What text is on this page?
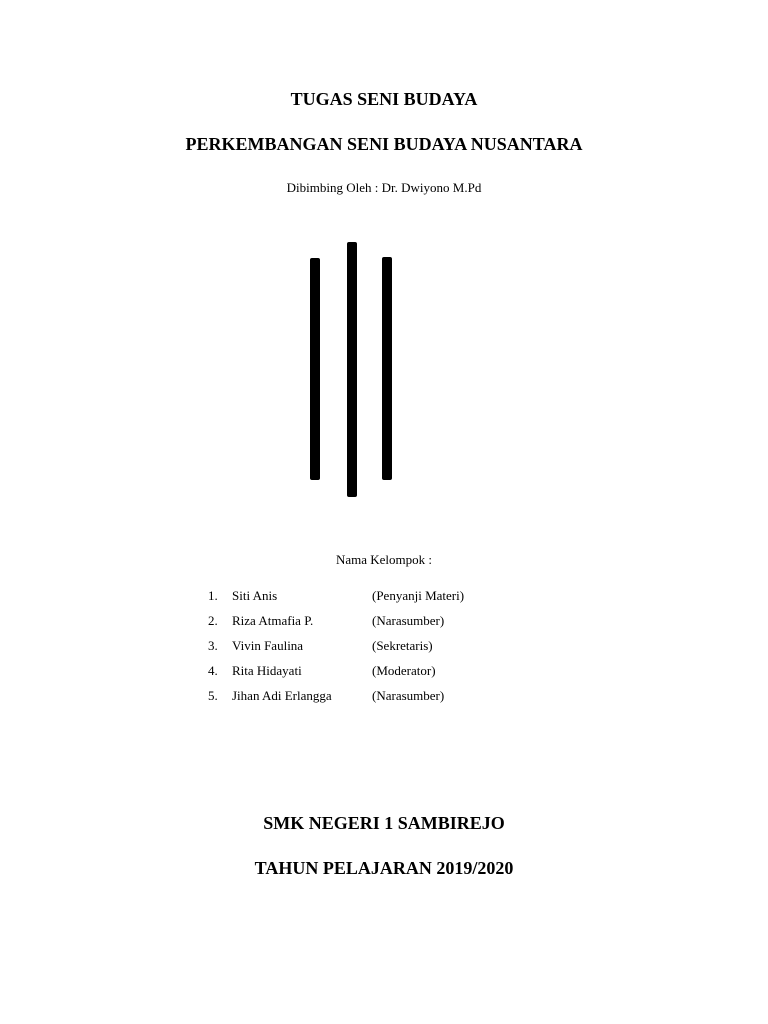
TUGAS SENI BUDAYA
PERKEMBANGAN SENI BUDAYA NUSANTARA
Dibimbing Oleh : Dr. Dwiyono M.Pd
Nama Kelompok :
1. Siti Anis	(Penyanji Materi)
2. Riza Atmafia P.	(Narasumber)
3. Vivin Faulina	(Sekretaris)
4. Rita Hidayati	(Moderator)
5. Jihan Adi Erlangga	(Narasumber)
SMK NEGERI 1 SAMBIREJO
TAHUN PELAJARAN 2019/2020
